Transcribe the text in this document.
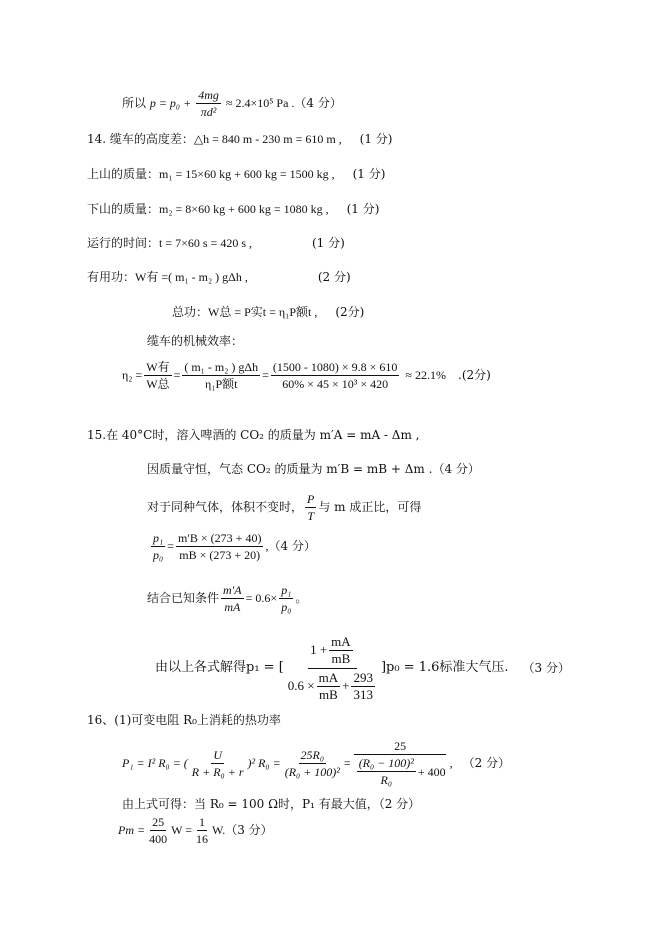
所以 $p = p_0 + \frac{4mg}{\text{πd²}} \approx 2.4\times 10^5$ Pa .（4 分）
14. 缆车的高度差：△h = 840 m - 230 m = 610 m , (1 分)
上山的质量：m₁ = 15×60 kg + 600 kg = 1500 kg , (1 分)
下山的质量：m₂ = 8×60 kg + 600 kg = 1080 kg , (1 分)
运行的时间：t = 7×60 s = 420 s ,	(1 分)
有用功：W有 =( m₁ - m₂ ) gΔh ,	(2 分)
总功：W总 = P实t = η₁P额t , (2分)
缆车的机械效率：
$\eta_2 = \frac{\text{W有}}{\text{W总}} = \frac{\text{( m₁ - m₂ ) gΔh}}{\text{η₁P额t}} = \frac{(1500 - 1080) \times 9.8 \times 610}{\text{60\% × 45 × 10³ × 420}} \approx 22.1\%$ .(2分)
15.在 40°C时，溶入啤酒的 CO₂ 的质量为 m′A = mA - Δm ,
因质量守恒，气态 CO₂ 的质量为 m′B = mB + Δm .（4 分）
对于同种气体，体积不变时， $\frac{P}{T}$ 与 m 成正比，可得
$\frac{\text{p₁}}{\text{p₀}} = \frac{m'B \times (273 + 40)}{mB \times (273 + 20)}$ , （4 分）
结合已知条件 $\frac{m'A}{mA} = 0.6\times \frac{\text{p₁}}{\text{p₀}}$ 。
由以上各式解得p₁ = [ $\frac{1 + \frac{mA}{mB}}{0.6 \times \frac{mA}{mB} + \frac{293}{313}} ]p_0 = 1.6$标准大气压. （3 分）
16、(1)可变电阻 R₀上消耗的热功率
P₁ = I² R₀ = ( $\frac{U}{\text{R + R₀ + r}} )^2$ $R_0 = \frac{\text{25R₀}}{\text{(R₀ + 100)²}} = \frac{25}{\frac{\text{(R₀ − 100)²}}{\text{R₀}} + 400}$ , （2 分）
由上式可得：当 R₀ = 100 Ω时，P₁ 有最大值，（2 分）
$Pm = \frac{25}{400}$ $W = \frac{1}{16} W$. （3 分）
